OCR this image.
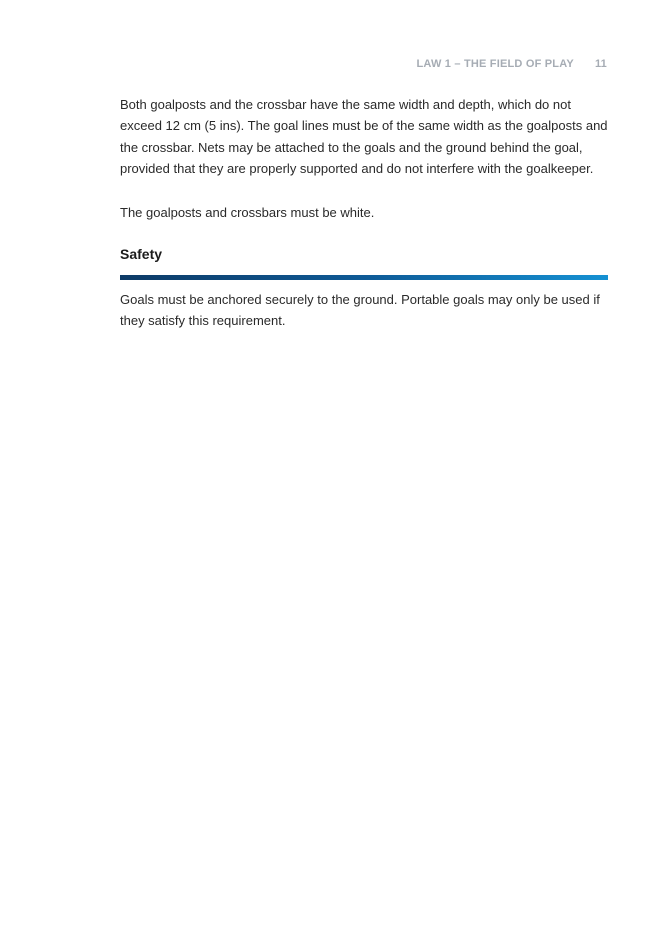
LAW 1 – THE FIELD OF PLAY 11

Both goalposts and the crossbar have the same width and depth, which do not exceed 12 cm (5 ins). The goal lines must be of the same width as the goalposts and the crossbar. Nets may be attached to the goals and the ground behind the goal, provided that they are properly supported and do not interfere with the goalkeeper.

The goalposts and crossbars must be white.

Safety

Goals must be anchored securely to the ground. Portable goals may only be used if they satisfy this requirement.
